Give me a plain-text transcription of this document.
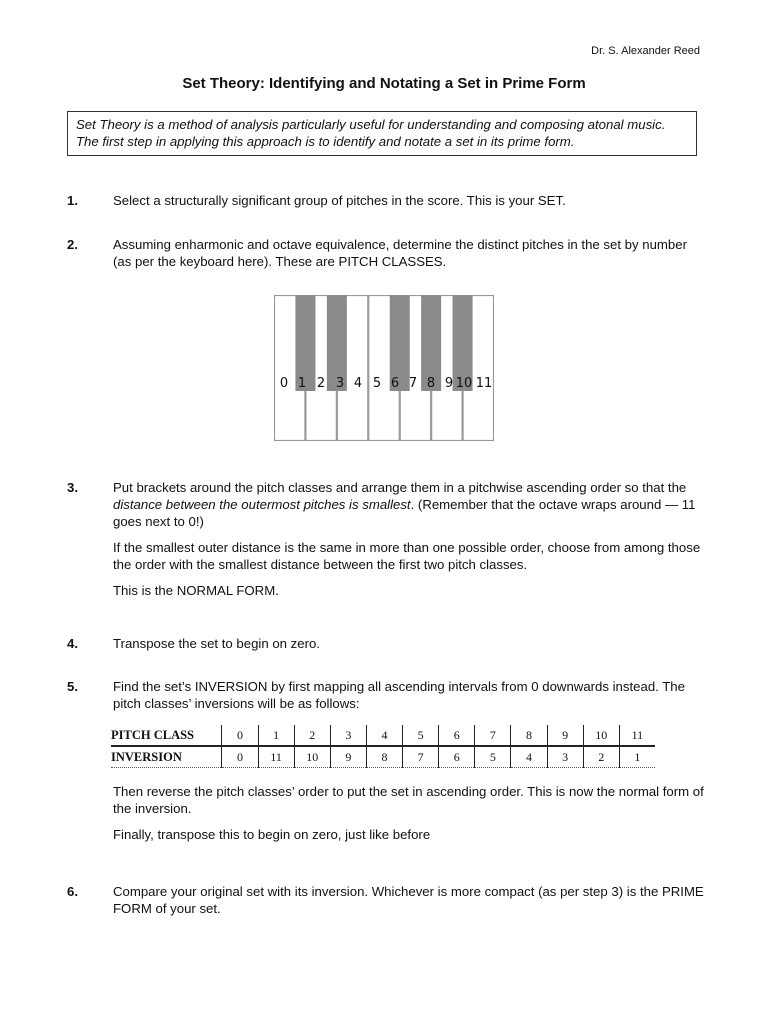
Dr. S. Alexander Reed
Set Theory: Identifying and Notating a Set in Prime Form
Set Theory is a method of analysis particularly useful for understanding and composing atonal music. The first step in applying this approach is to identify and notate a set in its prime form.
1.	Select a structurally significant group of pitches in the score. This is your SET.
2.	Assuming enharmonic and octave equivalence, determine the distinct pitches in the set by number (as per the keyboard here). These are PITCH CLASSES.
0 1 2 3 4 5 6 7 8 9 10 11
3.	Put brackets around the pitch classes and arrange them in a pitchwise ascending order so that the distance between the outermost pitches is smallest. (Remember that the octave wraps around — 11 goes next to 0!)

If the smallest outer distance is the same in more than one possible order, choose from among those the order with the smallest distance between the first two pitch classes.

This is the NORMAL FORM.

4.	Transpose the set to begin on zero.
5.	Find the set’s INVERSION by first mapping all ascending intervals from 0 downwards instead. The pitch classes’ inversions will be as follows:

PITCH CLASS	0	1	2	3	4	5	6	7	8	9	10	11
INVERSION	0	11	10	9	8	7	6	5	4	3	2	1

Then reverse the pitch classes’ order to put the set in ascending order. This is now the normal form of the inversion.

Finally, transpose this to begin on zero, just like before

6.	Compare your original set with its inversion. Whichever is more compact (as per step 3) is the PRIME FORM of your set.
